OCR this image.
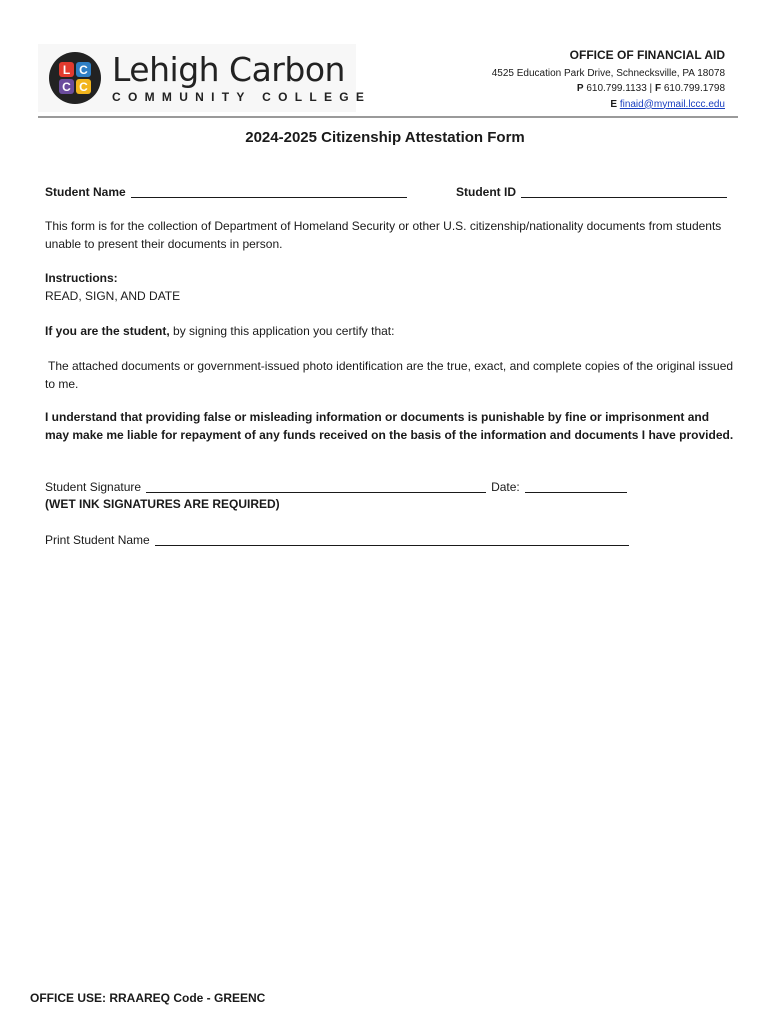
L C
C C Lehigh Carbon
COMMUNITY COLLEGE
OFFICE OF FINANCIAL AID
4525 Education Park Drive, Schnecksville, PA 18078
P 610.799.1133 | F 610.799.1798
E finaid@mymail.lccc.edu
2024-2025 Citizenship Attestation Form
Student Name	Student ID
This form is for the collection of Department of Homeland Security or other U.S. citizenship/nationality documents from students unable to present their documents in person.
Instructions:
READ, SIGN, AND DATE
If you are the student, by signing this application you certify that:
The attached documents or government-issued photo identification are the true, exact, and complete copies of the original issued to me.
I understand that providing false or misleading information or documents is punishable by fine or imprisonment and may make me liable for repayment of any funds received on the basis of the information and documents I have provided.
Student Signature	Date:
(WET INK SIGNATURES ARE REQUIRED)
Print Student Name
OFFICE USE: RRAAREQ Code - GREENC
